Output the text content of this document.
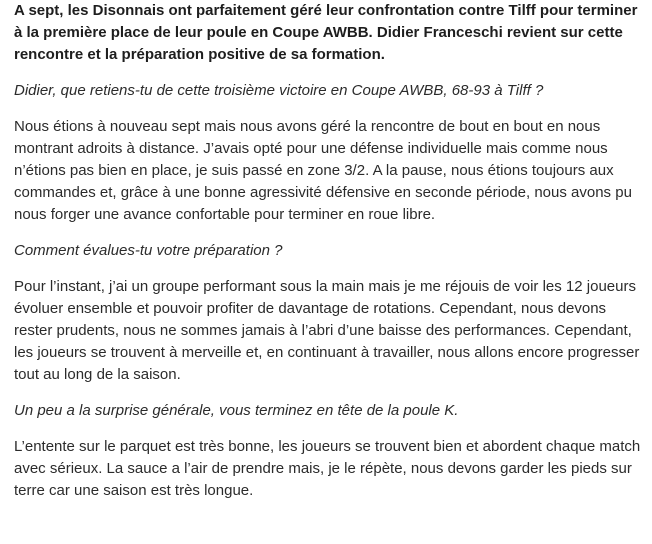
A sept, les Disonnais ont parfaitement géré leur confrontation contre Tilff pour terminer à la première place de leur poule en Coupe AWBB. Didier Franceschi revient sur cette rencontre et la préparation positive de sa formation.

Didier, que retiens-tu de cette troisième victoire en Coupe AWBB, 68-93 à Tilff ?

Nous étions à nouveau sept mais nous avons géré la rencontre de bout en bout en nous montrant adroits à distance. J’avais opté pour une défense individuelle mais comme nous n’étions pas bien en place, je suis passé en zone 3/2. A la pause, nous étions toujours aux commandes et, grâce à une bonne agressivité défensive en seconde période, nous avons pu nous forger une avance confortable pour terminer en roue libre.

Comment évalues-tu votre préparation ?

Pour l’instant, j’ai un groupe performant sous la main mais je me réjouis de voir les 12 joueurs évoluer ensemble et pouvoir profiter de davantage de rotations. Cependant, nous devons rester prudents, nous ne sommes jamais à l’abri d’une baisse des performances. Cependant, les joueurs se trouvent à merveille et, en continuant à travailler, nous allons encore progresser tout au long de la saison.

Un peu a la surprise générale, vous terminez en tête de la poule K.

L’entente sur le parquet est très bonne, les joueurs se trouvent bien et abordent chaque match avec sérieux. La sauce a l’air de prendre mais, je le répète, nous devons garder les pieds sur terre car une saison est très longue.
